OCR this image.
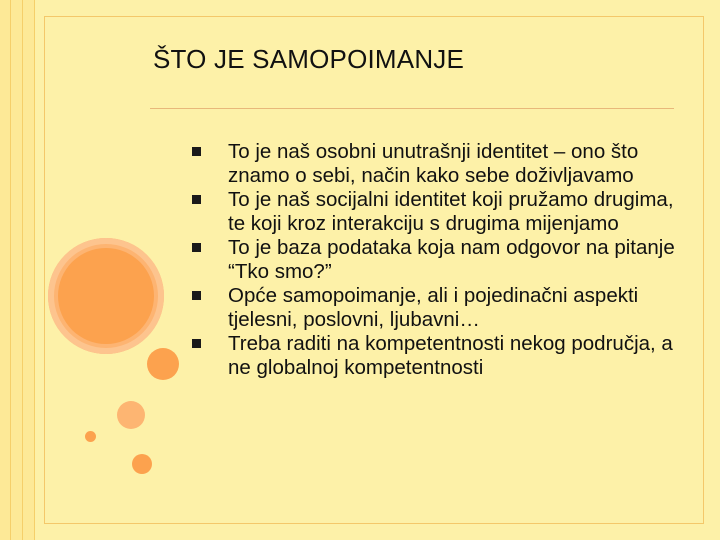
ŠTO JE SAMOPOIMANJE
To je naš osobni unutrašnji identitet – ono što znamo o sebi, način kako sebe doživljavamo
To je naš socijalni identitet koji pružamo drugima, te koji kroz interakciju s drugima mijenjamo
To je baza podataka koja nam odgovor na pitanje “Tko smo?”
Opće samopoimanje, ali i pojedinačni aspekti tjelesni, poslovni, ljubavni…
Treba raditi na kompetentnosti nekog područja, a ne globalnoj kompetentnosti
